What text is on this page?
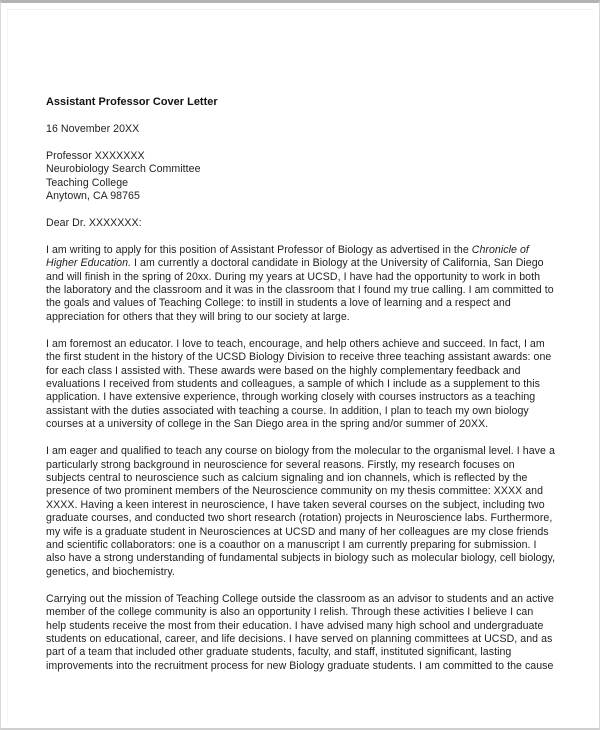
Assistant Professor Cover Letter
16 November 20XX
Professor XXXXXXX
Neurobiology Search Committee
Teaching College
Anytown, CA 98765

Dear Dr. XXXXXXX:

I am writing to apply for this position of Assistant Professor of Biology as advertised in the Chronicle of Higher Education. I am currently a doctoral candidate in Biology at the University of California, San Diego and will finish in the spring of 20xx. During my years at UCSD, I have had the opportunity to work in both the laboratory and the classroom and it was in the classroom that I found my true calling. I am committed to the goals and values of Teaching College: to instill in students a love of learning and a respect and appreciation for others that they will bring to our society at large.

I am foremost an educator. I love to teach, encourage, and help others achieve and succeed. In fact, I am the first student in the history of the UCSD Biology Division to receive three teaching assistant awards: one for each class I assisted with. These awards were based on the highly complementary feedback and evaluations I received from students and colleagues, a sample of which I include as a supplement to this application. I have extensive experience, through working closely with courses instructors as a teaching assistant with the duties associated with teaching a course. In addition, I plan to teach my own biology courses at a university of college in the San Diego area in the spring and/or summer of 20XX.

I am eager and qualified to teach any course on biology from the molecular to the organismal level. I have a particularly strong background in neuroscience for several reasons. Firstly, my research focuses on subjects central to neuroscience such as calcium signaling and ion channels, which is reflected by the presence of two prominent members of the Neuroscience community on my thesis committee: XXXX and XXXX. Having a keen interest in neuroscience, I have taken several courses on the subject, including two graduate courses, and conducted two short research (rotation) projects in Neuroscience labs. Furthermore, my wife is a graduate student in Neurosciences at UCSD and many of her colleagues are my close friends and scientific collaborators: one is a coauthor on a manuscript I am currently preparing for submission. I also have a strong understanding of fundamental subjects in biology such as molecular biology, cell biology, genetics, and biochemistry.

Carrying out the mission of Teaching College outside the classroom as an advisor to students and an active member of the college community is also an opportunity I relish. Through these activities I believe I can help students receive the most from their education. I have advised many high school and undergraduate students on educational, career, and life decisions. I have served on planning committees at UCSD, and as part of a team that included other graduate students, faculty, and staff, instituted significant, lasting improvements into the recruitment process for new Biology graduate students. I am committed to the cause
